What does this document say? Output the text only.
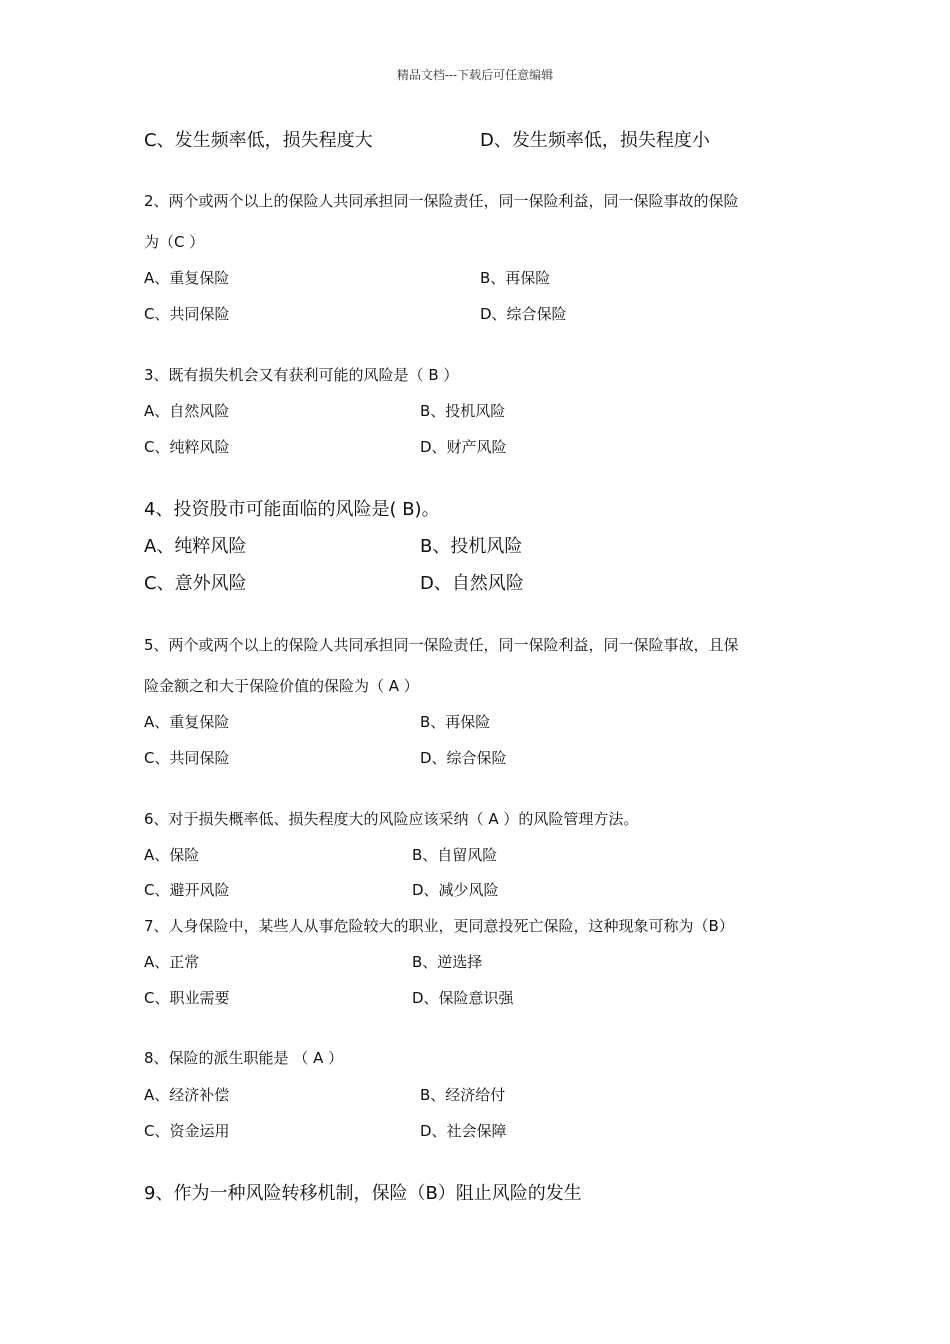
精品文档---下载后可任意编辑
C、发生频率低，损失程度大	D、发生频率低，损失程度小
2、两个或两个以上的保险人共同承担同一保险责任，同一保险利益，同一保险事故的保险
为（C ）
A、重复保险	B、再保险
C、共同保险	D、综合保险
3、既有损失机会又有获利可能的风险是（ B ）
A、自然风险	B、投机风险
C、纯粹风险	D、财产风险
4、投资股市可能面临的风险是( B)。
A、纯粹风险	B、投机风险
C、意外风险	D、自然风险
5、两个或两个以上的保险人共同承担同一保险责任，同一保险利益，同一保险事故，且保
险金额之和大于保险价值的保险为（ A ）
A、重复保险	B、再保险
C、共同保险	D、综合保险
6、对于损失概率低、损失程度大的风险应该采纳（ A ）的风险管理方法。
A、保险	B、自留风险
C、避开风险	D、减少风险
7、人身保险中，某些人从事危险较大的职业，更同意投死亡保险，这种现象可称为（B）
A、正常	B、逆选择
C、职业需要	D、保险意识强
8、保险的派生职能是 （ A ）
A、经济补偿	B、经济给付
C、资金运用	D、社会保障
9、作为一种风险转移机制，保险（B）阻止风险的发生
